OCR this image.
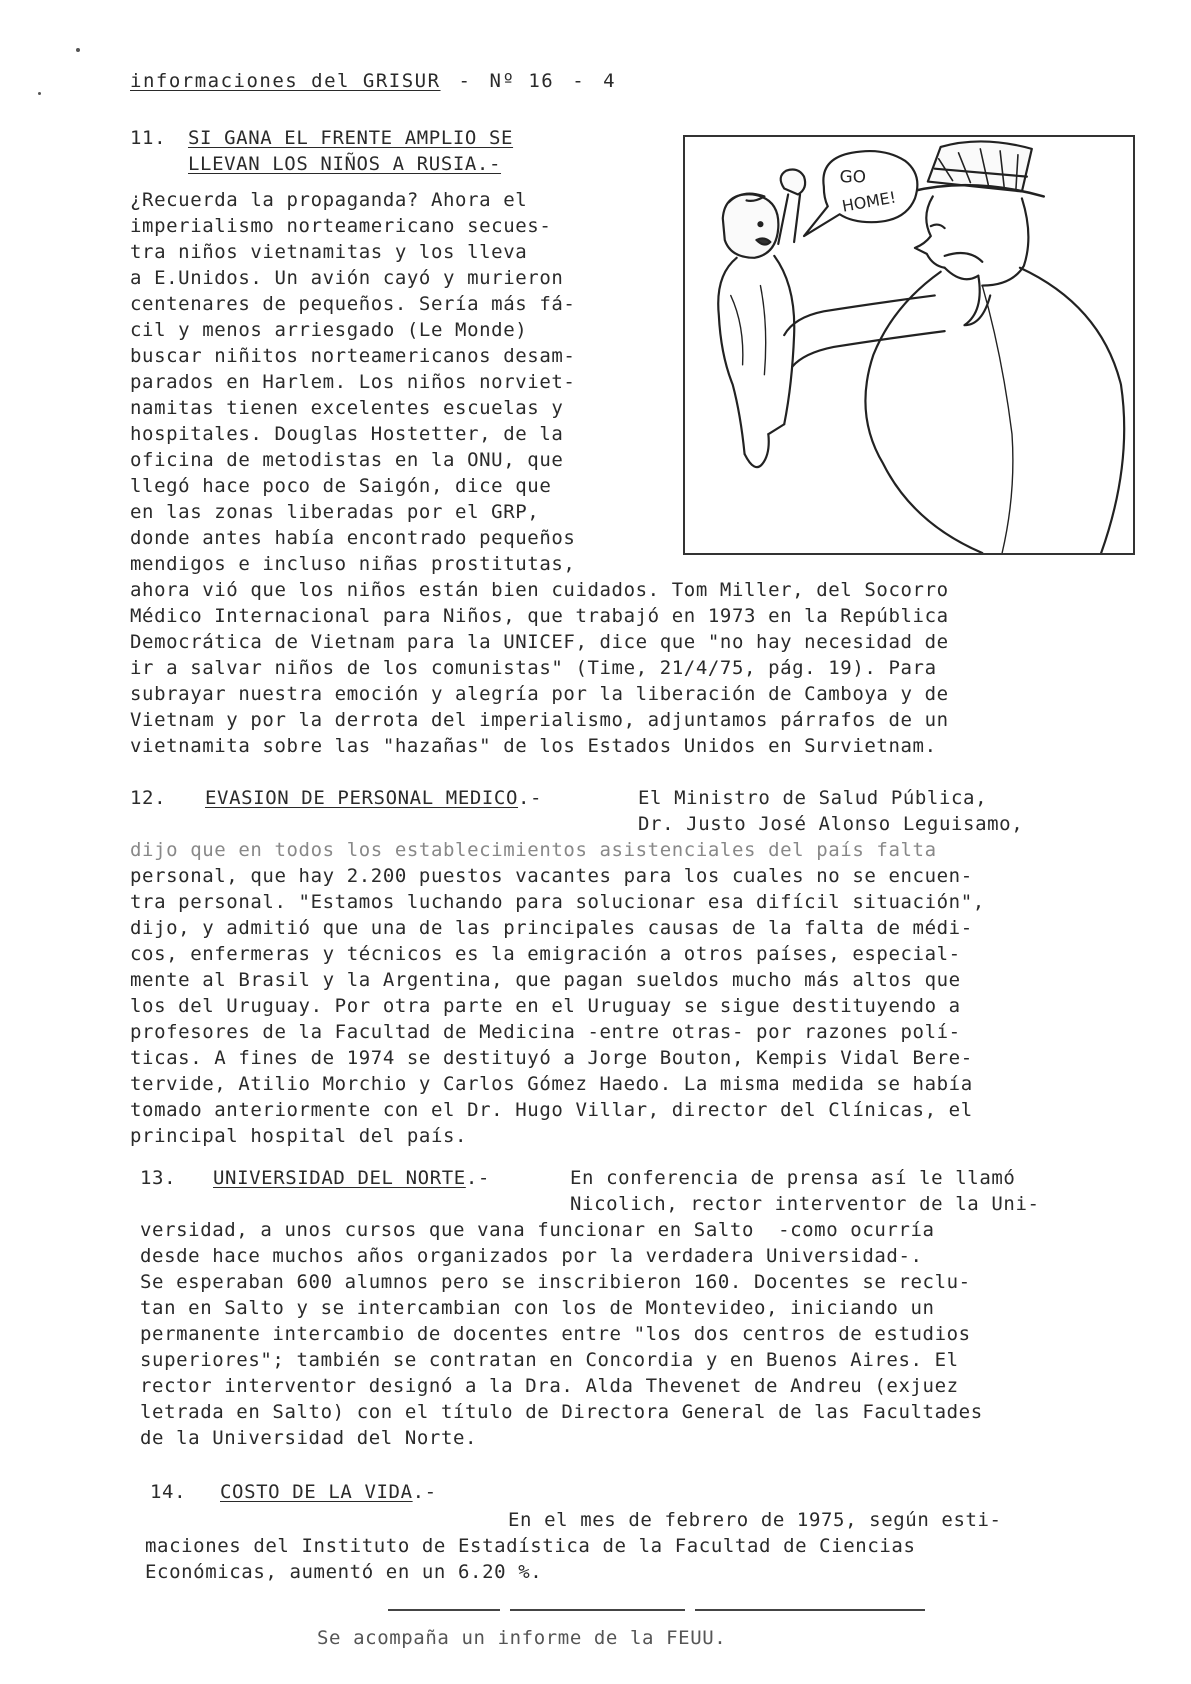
informaciones del GRISUR - Nº 16 - 4
11. SI GANA EL FRENTE AMPLIO SE
LLEVAN LOS NIÑOS A RUSIA.-
¿Recuerda la propaganda? Ahora el
imperialismo norteamericano secues-
tra niños vietnamitas y los lleva
a E.Unidos. Un avión cayó y murieron
centenares de pequeños. Sería más fá-
cil y menos arriesgado (Le Monde)
buscar niñitos norteamericanos desam-
parados en Harlem. Los niños norviet-
namitas tienen excelentes escuelas y
hospitales. Douglas Hostetter, de la
oficina de metodistas en la ONU, que
llegó hace poco de Saigón, dice que
en las zonas liberadas por el GRP,
donde antes había encontrado pequeños
mendigos e incluso niñas prostitutas,
ahora vió que los niños están bien cuidados. Tom Miller, del Socorro
Médico Internacional para Niños, que trabajó en 1973 en la República
Democrática de Vietnam para la UNICEF, dice que "no hay necesidad de
ir a salvar niños de los comunistas" (Time, 21/4/75, pág. 19). Para
subrayar nuestra emoción y alegría por la liberación de Camboya y de
Vietnam y por la derrota del imperialismo, adjuntamos párrafos de un
vietnamita sobre las "hazañas" de los Estados Unidos en Survietnam.
GO
HOME!
12. EVASION DE PERSONAL MEDICO.-	El Ministro de Salud Pública,
Dr. Justo José Alonso Leguisamo,
dijo que en todos los establecimientos asistenciales del país falta
personal, que hay 2.200 puestos vacantes para los cuales no se encuen-
tra personal. "Estamos luchando para solucionar esa difícil situación",
dijo, y admitió que una de las principales causas de la falta de médi-
cos, enfermeras y técnicos es la emigración a otros países, especial-
mente al Brasil y la Argentina, que pagan sueldos mucho más altos que
los del Uruguay. Por otra parte en el Uruguay se sigue destituyendo a
profesores de la Facultad de Medicina -entre otras- por razones polí-
ticas. A fines de 1974 se destituyó a Jorge Bouton, Kempis Vidal Bere-
tervide, Atilio Morchio y Carlos Gómez Haedo. La misma medida se había
tomado anteriormente con el Dr. Hugo Villar, director del Clínicas, el
principal hospital del país.
13. UNIVERSIDAD DEL NORTE.-	En conferencia de prensa así le llamó
Nicolich, rector interventor de la Uni-
versidad, a unos cursos que vana funcionar en Salto  -como ocurría
desde hace muchos años organizados por la verdadera Universidad-.
Se esperaban 600 alumnos pero se inscribieron 160. Docentes se reclu-
tan en Salto y se intercambian con los de Montevideo, iniciando un
permanente intercambio de docentes entre "los dos centros de estudios
superiores"; también se contratan en Concordia y en Buenos Aires. El
rector interventor designó a la Dra. Alda Thevenet de Andreu (exjuez
letrada en Salto) con el título de Directora General de las Facultades
de la Universidad del Norte.
14. COSTO DE LA VIDA.-
En el mes de febrero de 1975, según esti-
maciones del Instituto de Estadística de la Facultad de Ciencias
Económicas, aumentó en un 6.20 %.
Se acompaña un informe de la FEUU.
